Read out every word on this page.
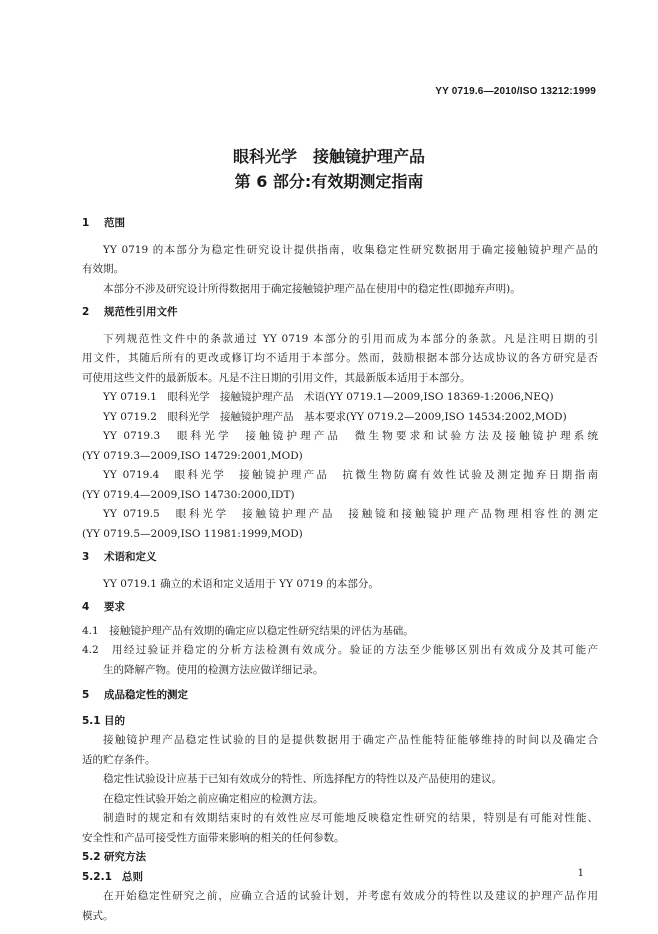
YY 0719.6—2010/ISO 13212:1999
眼科光学　接触镜护理产品
第 6 部分:有效期测定指南

1 范围

YY 0719 的本部分为稳定性研究设计提供指南，收集稳定性研究数据用于确定接触镜护理产品的

有效期。

本部分不涉及研究设计所得数据用于确定接触镜护理产品在使用中的稳定性(即抛弃声明)。

2 规范性引用文件

下列规范性文件中的条款通过 YY 0719 本部分的引用而成为本部分的条款。凡是注明日期的引

用文件，其随后所有的更改或修订均不适用于本部分。然而，鼓励根据本部分达成协议的各方研究是否

可使用这些文件的最新版本。凡是不注日期的引用文件，其最新版本适用于本部分。

YY 0719.1　眼科光学　接触镜护理产品　术语(YY 0719.1—2009,ISO 18369-1:2006,NEQ)

YY 0719.2　眼科光学　接触镜护理产品　基本要求(YY 0719.2—2009,ISO 14534:2002,MOD)

YY 0719.3　眼科光学　接触镜护理产品　微生物要求和试验方法及接触镜护理系统

(YY 0719.3—2009,ISO 14729:2001,MOD)

YY 0719.4　眼科光学　接触镜护理产品　抗微生物防腐有效性试验及测定抛弃日期指南

(YY 0719.4—2009,ISO 14730:2000,IDT)

YY 0719.5　眼科光学　接触镜护理产品　接触镜和接触镜护理产品物理相容性的测定

(YY 0719.5—2009,ISO 11981:1999,MOD)

3 术语和定义

YY 0719.1 确立的术语和定义适用于 YY 0719 的本部分。

4 要求

4.1　接触镜护理产品有效期的确定应以稳定性研究结果的评估为基础。

4.2　用经过验证并稳定的分析方法检测有效成分。验证的方法至少能够区别出有效成分及其可能产

生的降解产物。使用的检测方法应做详细记录。

5 成品稳定性的测定

5.1 目的

接触镜护理产品稳定性试验的目的是提供数据用于确定产品性能特征能够维持的时间以及确定合

适的贮存条件。

稳定性试验设计应基于已知有效成分的特性、所选择配方的特性以及产品使用的建议。

在稳定性试验开始之前应确定相应的检测方法。

制造时的规定和有效期结束时的有效性应尽可能地反映稳定性研究的结果，特别是有可能对性能、

安全性和产品可接受性方面带来影响的相关的任何参数。

5.2 研究方法

5.2.1 总则

在开始稳定性研究之前，应确立合适的试验计划，并考虑有效成分的特性以及建议的护理产品作用

模式。

1
